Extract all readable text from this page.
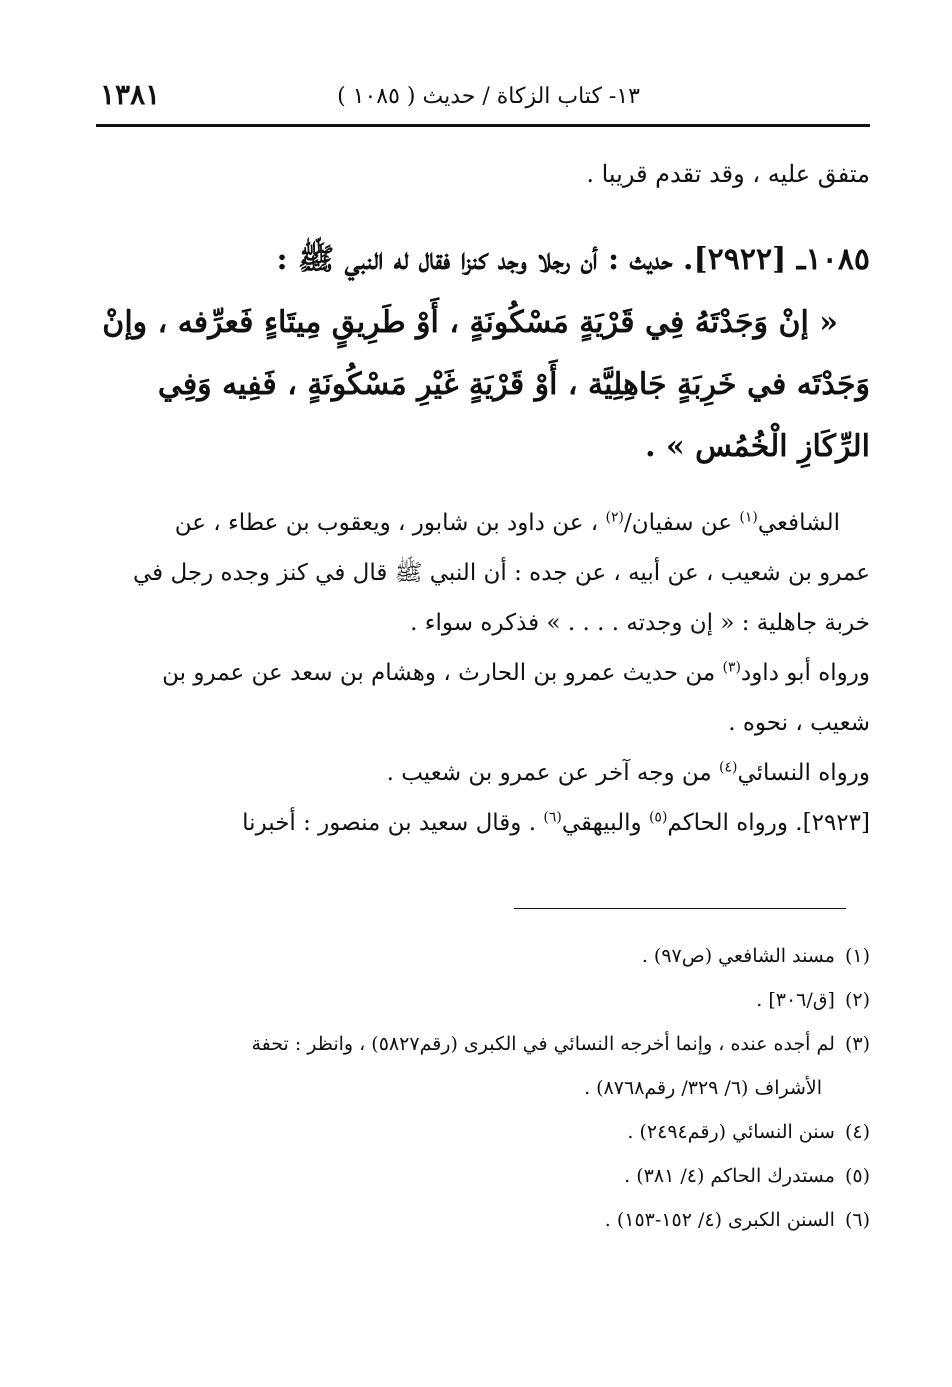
١٣- كتاب الزكاة / حديث ( ١٠٨٥ )
١٣٨١
متفق عليه ، وقد تقدم قريبا .
١٠٨٥ـ [٢٩٢٢]. حديث : أن رجلا وجد كنزا فقال له النبي ﷺ :
« إنْ وَجَدْتَهُ فِي قَرْيَةٍ مَسْكُونَةٍ ، أَوْ طَرِيقٍ مِيتَاءٍ فَعرِّفه ، وإنْ
وَجَدْتَه في خَرِبَةٍ جَاهِلِيَّة ، أَوْ قَرْيَةٍ غَيْرِ مَسْكُونَةٍ ، فَفِيه وَفِي
الرِّكَازِ الْخُمُس » .
الشافعي$^{(١)}$ عن سفيان/$^{(٢)}$ ، عن داود بن شابور ، ويعقوب بن عطاء ، عن
عمرو بن شعيب ، عن أبيه ، عن جده : أن النبي ﷺ قال في كنز وجده رجل في
خربة جاهلية : « إن وجدته . . . . » فذكره سواء .
ورواه أبو داود$^{(٣)}$ من حديث عمرو بن الحارث ، وهشام بن سعد عن عمرو بن
شعيب ، نحوه .
ورواه النسائي$^{(٤)}$ من وجه آخر عن عمرو بن شعيب .
[٢٩٢٣]. ورواه الحاكم$^{(٥)}$ والبيهقي$^{(٦)}$ . وقال سعيد بن منصور : أخبرنا
(١)مسند الشافعي (ص٩٧) .
(٢)[ق/٣٠٦] .
(٣)لم أجده عنده ، وإنما أخرجه النسائي في الكبرى (رقم٥٨٢٧) ، وانظر : تحفة
الأشراف (٦/ ٣٢٩/ رقم٨٧٦٨) .
(٤)سنن النسائي (رقم٢٤٩٤) .
(٥)مستدرك الحاكم (٤/ ٣٨١) .
(٦)السنن الكبرى (٤/ ١٥٢-١٥٣) .
